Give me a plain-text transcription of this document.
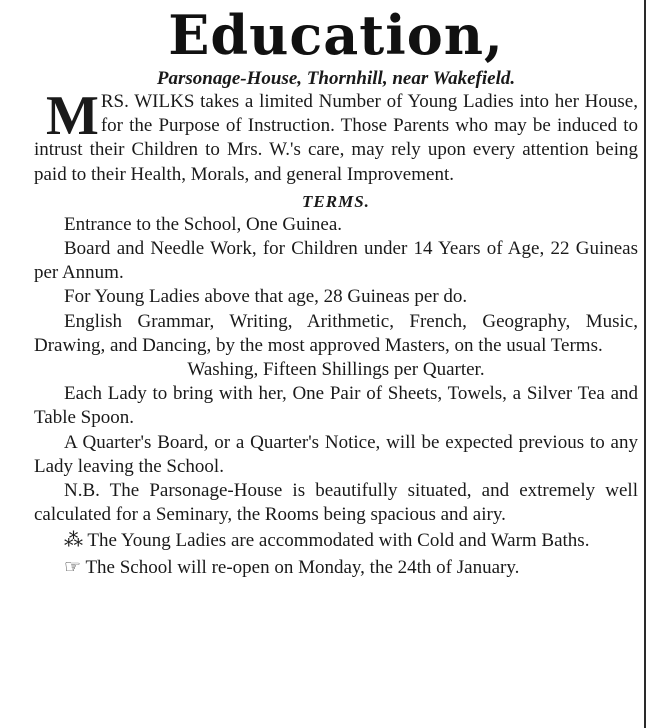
Education,

Parsonage-House, Thornhill, near Wakefield.

MRS. WILKS takes a limited Number of Young Ladies into her House, for the Purpose of Instruction. Those Parents who may be induced to intrust their Children to Mrs. W.'s care, may rely upon every attention being paid to their Health, Morals, and general Improvement.

TERMS.

Entrance to the School, One Guinea.

Board and Needle Work, for Children under 14 Years of Age, 22 Guineas per Annum.

For Young Ladies above that age, 28 Guineas per do.

English Grammar, Writing, Arithmetic, French, Geography, Music, Drawing, and Dancing, by the most approved Masters, on the usual Terms.

Washing, Fifteen Shillings per Quarter.

Each Lady to bring with her, One Pair of Sheets, Towels, a Silver Tea and Table Spoon.

A Quarter's Board, or a Quarter's Notice, will be expected previous to any Lady leaving the School.

N.B. The Parsonage-House is beautifully situated, and extremely well calculated for a Seminary, the Rooms being spacious and airy.

⁂ The Young Ladies are accommodated with Cold and Warm Baths.

☞ The School will re-open on Monday, the 24th of January.
